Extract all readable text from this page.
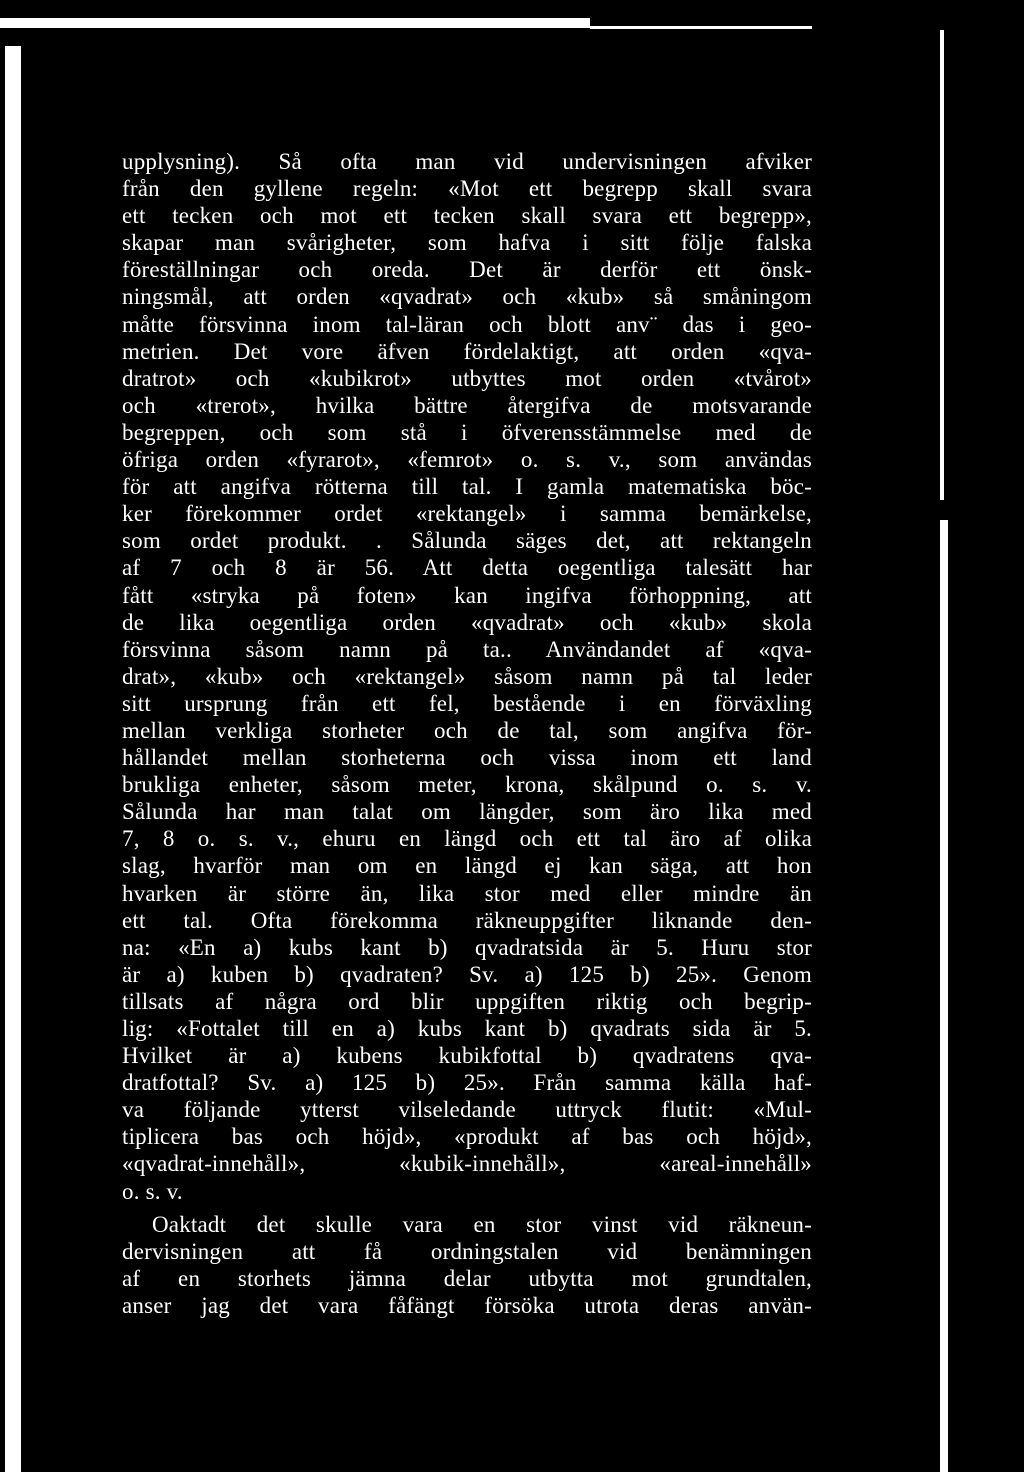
upplysning). Så ofta man vid undervisningen afviker
från den gyllene regeln: «Mot ett begrepp skall svara
ett tecken och mot ett tecken skall svara ett begrepp»,
skapar man svårigheter, som hafva i sitt följe falska
föreställningar och oreda. Det är derför ett önsk-
ningsmål, att orden «qvadrat» och «kub» så småningom
måtte försvinna inom tal-läran och blott anv¨ das i geo-
metrien. Det vore äfven fördelaktigt, att orden «qva-
dratrot» och «kubikrot» utbyttes mot orden «tvårot»
och «trerot», hvilka bättre återgifva de motsvarande
begreppen, och som stå i öfverensstämmelse med de
öfriga orden «fyrarot», «femrot» o. s. v., som användas
för att angifva rötterna till tal. I gamla matematiska böc-
ker förekommer ordet «rektangel» i samma bemärkelse,
som ordet produkt. . Sålunda säges det, att rektangeln
af 7 och 8 är 56. Att detta oegentliga talesätt har
fått «stryka på foten» kan ingifva förhoppning, att
de lika oegentliga orden «qvadrat» och «kub» skola
försvinna såsom namn på ta.. Användandet af «qva-
drat», «kub» och «rektangel» såsom namn på tal leder
sitt ursprung från ett fel, bestående i en förväxling
mellan verkliga storheter och de tal, som angifva för-
hållandet mellan storheterna och vissa inom ett land
brukliga enheter, såsom meter, krona, skålpund o. s. v.
Sålunda har man talat om längder, som äro lika med
7, 8 o. s. v., ehuru en längd och ett tal äro af olika
slag, hvarför man om en längd ej kan säga, att hon
hvarken är större än, lika stor med eller mindre än
ett tal. Ofta förekomma räkneuppgifter liknande den-
na: «En a) kubs kant b) qvadratsida är 5. Huru stor
är a) kuben b) qvadraten? Sv. a) 125 b) 25». Genom
tillsats af några ord blir uppgiften riktig och begrip-
lig: «Fottalet till en a) kubs kant b) qvadrats sida är 5.
Hvilket är a) kubens kubikfottal b) qvadratens qva-
dratfottal? Sv. a) 125 b) 25». Från samma källa haf-
va följande ytterst vilseledande uttryck flutit: «Mul-
tiplicera bas och höjd», «produkt af bas och höjd»,
«qvadrat-innehåll», «kubik-innehåll», «areal-innehåll»
o. s. v.
Oaktadt det skulle vara en stor vinst vid räkneun-
dervisningen att få ordningstalen vid benämningen
af en storhets jämna delar utbytta mot grundtalen,
anser jag det vara fåfängt försöka utrota deras använ-
